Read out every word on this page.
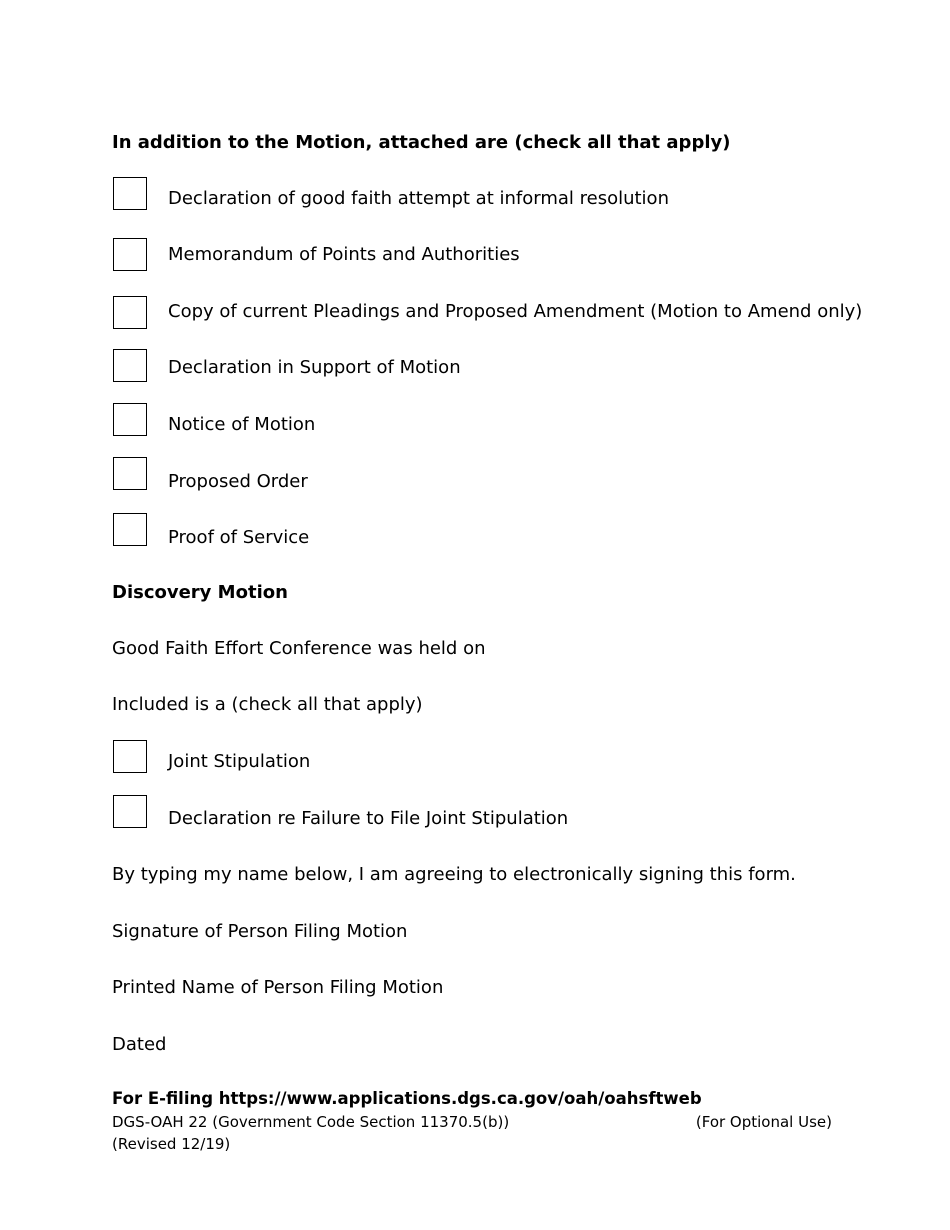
In addition to the Motion, attached are (check all that apply)
Declaration of good faith attempt at informal resolution
Memorandum of Points and Authorities
Copy of current Pleadings and Proposed Amendment (Motion to Amend only)
Declaration in Support of Motion
Notice of Motion
Proposed Order
Proof of Service
Discovery Motion
Good Faith Effort Conference was held on
Included is a (check all that apply)
Joint Stipulation
Declaration re Failure to File Joint Stipulation
By typing my name below, I am agreeing to electronically signing this form.
Signature of Person Filing Motion
Printed Name of Person Filing Motion
Dated
For E-filing https://www.applications.dgs.ca.gov/oah/oahsftweb
DGS-OAH 22 (Government Code Section 11370.5(b))
(Revised 12/19)
(For Optional Use)
